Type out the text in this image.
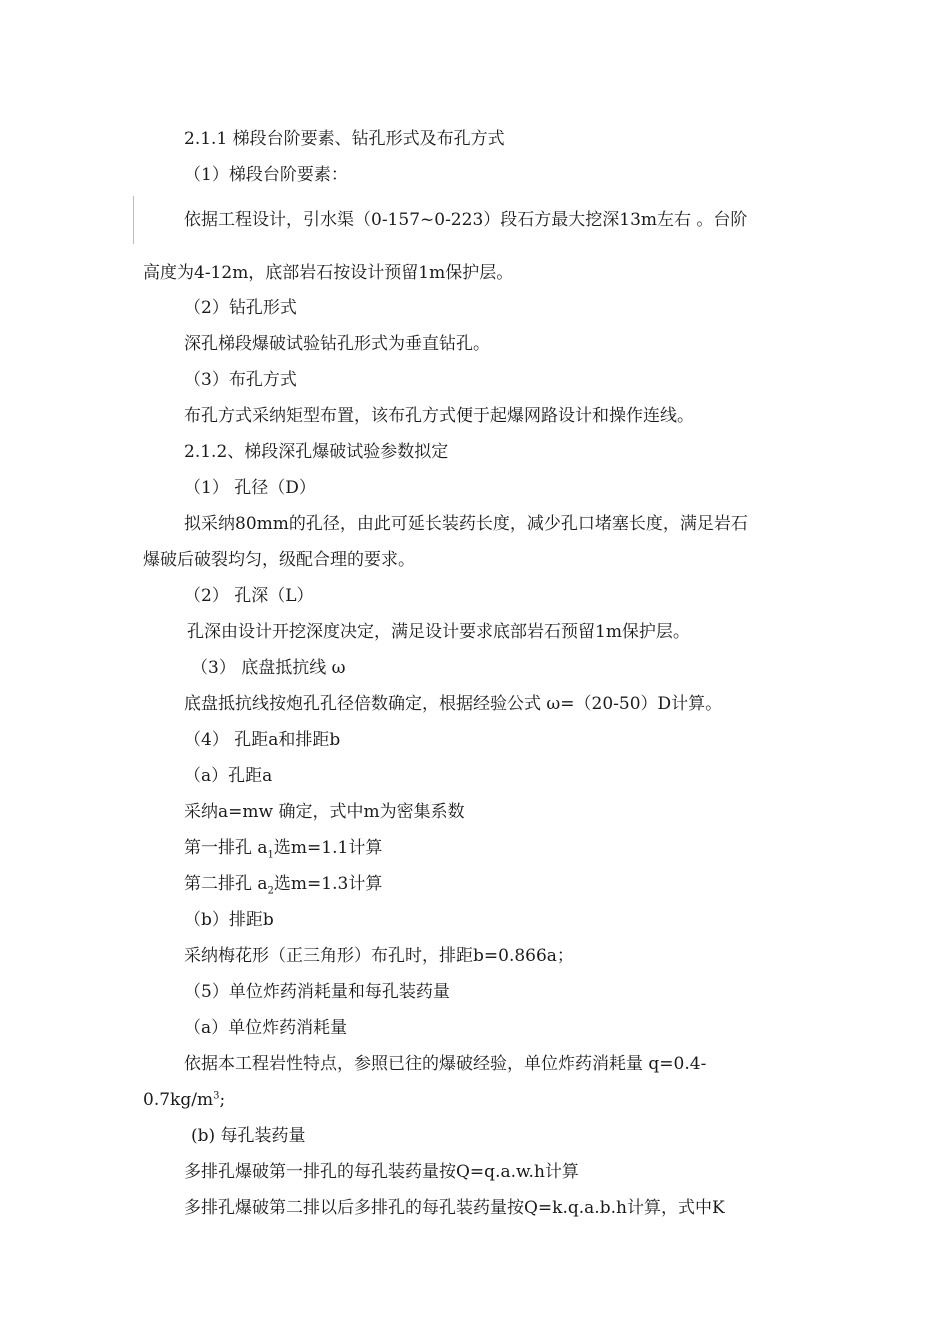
2.1.1 梯段台阶要素、钻孔形式及布孔方式
（1）梯段台阶要素：
依据工程设计，引水渠（0-157~0-223）段石方最大挖深13m左右 。台阶
高度为4-12m，底部岩石按设计预留1m保护层。
（2）钻孔形式
深孔梯段爆破试验钻孔形式为垂直钻孔。
（3）布孔方式
布孔方式采纳矩型布置，该布孔方式便于起爆网路设计和操作连线。
2.1.2、梯段深孔爆破试验参数拟定
（1） 孔径（D）
拟采纳80mm的孔径，由此可延长装药长度，减少孔口堵塞长度，满足岩石
爆破后破裂均匀，级配合理的要求。
（2） 孔深（L）
孔深由设计开挖深度决定，满足设计要求底部岩石预留1m保护层。
（3） 底盘抵抗线 ω
底盘抵抗线按炮孔孔径倍数确定，根据经验公式 ω=（20-50）D计算。
（4） 孔距a和排距b
（a）孔距a
采纳a=mw 确定，式中m为密集系数
第一排孔 $a_1$选m=1.1计算
第二排孔 $a_2$选m=1.3计算
（b）排距b
采纳梅花形（正三角形）布孔时，排距b=0.866a；
（5）单位炸药消耗量和每孔装药量
（a）单位炸药消耗量
依据本工程岩性特点，参照已往的爆破经验，单位炸药消耗量 q=0.4-
$0.7kg/m^3$;
(b) 每孔装药量
多排孔爆破第一排孔的每孔装药量按Q=q.a.w.h计算
多排孔爆破第二排以后多排孔的每孔装药量按Q=k.q.a.b.h计算，式中K
